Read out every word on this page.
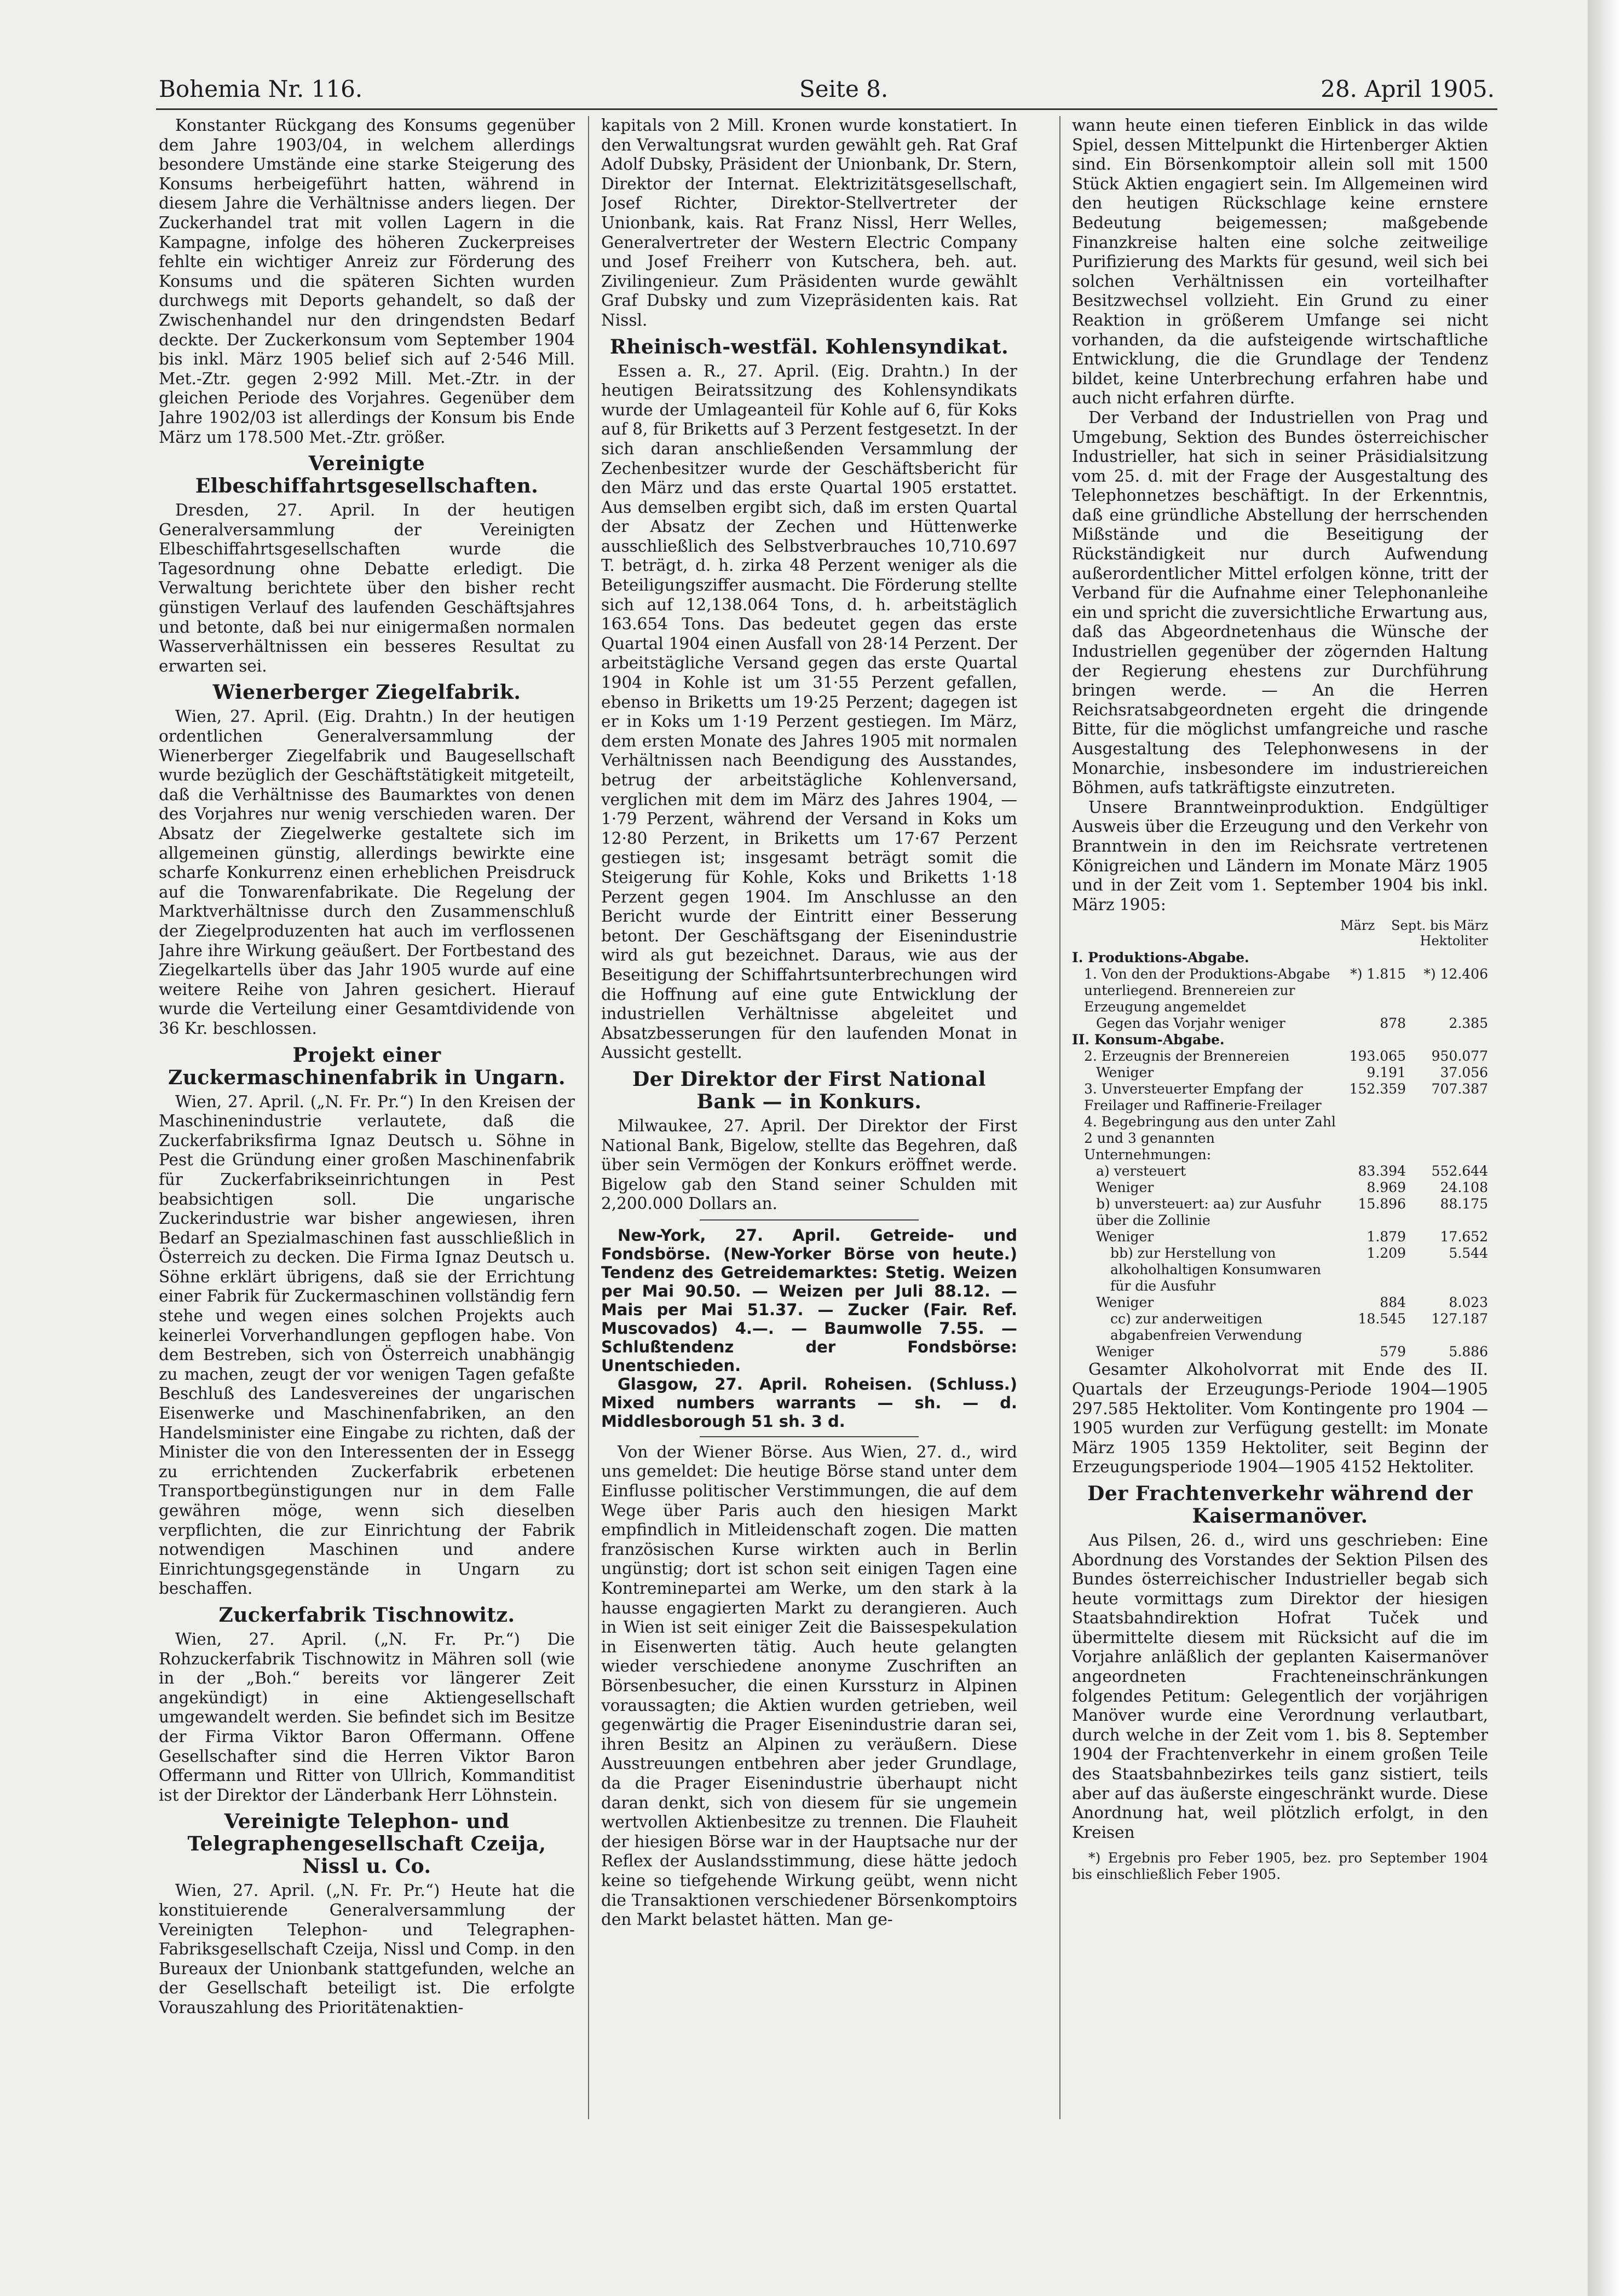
Bohemia Nr. 116.	Seite 8.	28. April 1905.

Konstanter Rückgang des Konsums gegenüber dem Jahre 1903/04, in welchem allerdings besondere Umstände eine starke Steigerung des Konsums herbeigeführt hatten, während in diesem Jahre die Verhältnisse anders liegen. Der Zuckerhandel trat mit vollen Lagern in die Kampagne, infolge des höheren Zuckerpreises fehlte ein wichtiger Anreiz zur Förderung des Konsums und die späteren Sichten wurden durchwegs mit Deports gehandelt, so daß der Zwischenhandel nur den dringendsten Bedarf deckte. Der Zuckerkonsum vom September 1904 bis inkl. März 1905 belief sich auf 2·546 Mill. Met.-Ztr. gegen 2·992 Mill. Met.-Ztr. in der gleichen Periode des Vorjahres. Gegenüber dem Jahre 1902/03 ist allerdings der Konsum bis Ende März um 178.500 Met.-Ztr. größer.

Vereinigte Elbeschiffahrtsgesellschaften.

Dresden, 27. April. In der heutigen Generalversammlung der Vereinigten Elbeschiffahrtsgesellschaften wurde die Tagesordnung ohne Debatte erledigt. Die Verwaltung berichtete über den bisher recht günstigen Verlauf des laufenden Geschäftsjahres und betonte, daß bei nur einigermaßen normalen Wasserverhältnissen ein besseres Resultat zu erwarten sei.

Wienerberger Ziegelfabrik.

Wien, 27. April. (Eig. Drahtn.) In der heutigen ordentlichen Generalversammlung der Wienerberger Ziegelfabrik und Baugesellschaft wurde bezüglich der Geschäftstätigkeit mitgeteilt, daß die Verhältnisse des Baumarktes von denen des Vorjahres nur wenig verschieden waren. Der Absatz der Ziegelwerke gestaltete sich im allgemeinen günstig, allerdings bewirkte eine scharfe Konkurrenz einen erheblichen Preisdruck auf die Tonwarenfabrikate. Die Regelung der Marktverhältnisse durch den Zusammenschluß der Ziegelproduzenten hat auch im verflossenen Jahre ihre Wirkung geäußert. Der Fortbestand des Ziegelkartells über das Jahr 1905 wurde auf eine weitere Reihe von Jahren gesichert. Hierauf wurde die Verteilung einer Gesamtdividende von 36 Kr. beschlossen.

Projekt einer Zuckermaschinenfabrik in Ungarn.

Wien, 27. April. („N. Fr. Pr.“) In den Kreisen der Maschinenindustrie verlautete, daß die Zuckerfabriksfirma Ignaz Deutsch u. Söhne in Pest die Gründung einer großen Maschinenfabrik für Zuckerfabrikseinrichtungen in Pest beabsichtigen soll. Die ungarische Zuckerindustrie war bisher angewiesen, ihren Bedarf an Spezialmaschinen fast ausschließlich in Österreich zu decken. Die Firma Ignaz Deutsch u. Söhne erklärt übrigens, daß sie der Errichtung einer Fabrik für Zuckermaschinen vollständig fern stehe und wegen eines solchen Projekts auch keinerlei Vorverhandlungen gepflogen habe. Von dem Bestreben, sich von Österreich unabhängig zu machen, zeugt der vor wenigen Tagen gefaßte Beschluß des Landesvereines der ungarischen Eisenwerke und Maschinenfabriken, an den Handelsminister eine Eingabe zu richten, daß der Minister die von den Interessenten der in Essegg zu errichtenden Zuckerfabrik erbetenen Transportbegünstigungen nur in dem Falle gewähren möge, wenn sich dieselben verpflichten, die zur Einrichtung der Fabrik notwendigen Maschinen und andere Einrichtungsgegenstände in Ungarn zu beschaffen.

Zuckerfabrik Tischnowitz.

Wien, 27. April. („N. Fr. Pr.“) Die Rohzuckerfabrik Tischnowitz in Mähren soll (wie in der „Boh.“ bereits vor längerer Zeit angekündigt) in eine Aktiengesellschaft umgewandelt werden. Sie befindet sich im Besitze der Firma Viktor Baron Offermann. Offene Gesellschafter sind die Herren Viktor Baron Offermann und Ritter von Ullrich, Kommanditist ist der Direktor der Länderbank Herr Löhnstein.

Vereinigte Telephon- und Telegraphengesellschaft Czeija, Nissl u. Co.

Wien, 27. April. („N. Fr. Pr.“) Heute hat die konstituierende Generalversammlung der Vereinigten Telephon- und Telegraphen-Fabriksgesellschaft Czeija, Nissl und Comp. in den Bureaux der Unionbank stattgefunden, welche an der Gesellschaft beteiligt ist. Die erfolgte Vorauszahlung des Prioritätenaktien-

kapitals von 2 Mill. Kronen wurde konstatiert. In den Verwaltungsrat wurden gewählt geh. Rat Graf Adolf Dubsky, Präsident der Unionbank, Dr. Stern, Direktor der Internat. Elektrizitätsgesellschaft, Josef Richter, Direktor-Stellvertreter der Unionbank, kais. Rat Franz Nissl, Herr Welles, Generalvertreter der Western Electric Company und Josef Freiherr von Kutschera, beh. aut. Zivilingenieur. Zum Präsidenten wurde gewählt Graf Dubsky und zum Vizepräsidenten kais. Rat Nissl.

Rheinisch-westfäl. Kohlensyndikat.

Essen a. R., 27. April. (Eig. Drahtn.) In der heutigen Beiratssitzung des Kohlensyndikats wurde der Umlageanteil für Kohle auf 6, für Koks auf 8, für Briketts auf 3 Perzent festgesetzt. In der sich daran anschließenden Versammlung der Zechenbesitzer wurde der Geschäftsbericht für den März und das erste Quartal 1905 erstattet. Aus demselben ergibt sich, daß im ersten Quartal der Absatz der Zechen und Hüttenwerke ausschließlich des Selbstverbrauches 10,710.697 T. beträgt, d. h. zirka 48 Perzent weniger als die Beteiligungsziffer ausmacht. Die Förderung stellte sich auf 12,138.064 Tons, d. h. arbeitstäglich 163.654 Tons. Das bedeutet gegen das erste Quartal 1904 einen Ausfall von 28·14 Perzent. Der arbeitstägliche Versand gegen das erste Quartal 1904 in Kohle ist um 31·55 Perzent gefallen, ebenso in Briketts um 19·25 Perzent; dagegen ist er in Koks um 1·19 Perzent gestiegen. Im März, dem ersten Monate des Jahres 1905 mit normalen Verhältnissen nach Beendigung des Ausstandes, betrug der arbeitstägliche Kohlenversand, verglichen mit dem im März des Jahres 1904, — 1·79 Perzent, während der Versand in Koks um 12·80 Perzent, in Briketts um 17·67 Perzent gestiegen ist; insgesamt beträgt somit die Steigerung für Kohle, Koks und Briketts 1·18 Perzent gegen 1904. Im Anschlusse an den Bericht wurde der Eintritt einer Besserung betont. Der Geschäftsgang der Eisenindustrie wird als gut bezeichnet. Daraus, wie aus der Beseitigung der Schiffahrtsunterbrechungen wird die Hoffnung auf eine gute Entwicklung der industriellen Verhältnisse abgeleitet und Absatzbesserungen für den laufenden Monat in Aussicht gestellt.

Der Direktor der First National Bank — in Konkurs.

Milwaukee, 27. April. Der Direktor der First National Bank, Bigelow, stellte das Begehren, daß über sein Vermögen der Konkurs eröffnet werde. Bigelow gab den Stand seiner Schulden mit 2,200.000 Dollars an.

New-York, 27. April. Getreide- und Fondsbörse. (New-Yorker Börse von heute.) Tendenz des Getreidemarktes: Stetig. Weizen per Mai 90.50. — Weizen per Juli 88.12. — Mais per Mai 51.37. — Zucker (Fair. Ref. Muscovados) 4.—. — Baumwolle 7.55. — Schlußtendenz der Fondsbörse: Unentschieden.

Glasgow, 27. April. Roheisen. (Schluss.) Mixed numbers warrants — sh. — d. Middlesborough 51 sh. 3 d.

Von der Wiener Börse. Aus Wien, 27. d., wird uns gemeldet: Die heutige Börse stand unter dem Einflusse politischer Verstimmungen, die auf dem Wege über Paris auch den hiesigen Markt empfindlich in Mitleidenschaft zogen. Die matten französischen Kurse wirkten auch in Berlin ungünstig; dort ist schon seit einigen Tagen eine Kontremineparteі am Werke, um den stark à la hausse engagierten Markt zu derangieren. Auch in Wien ist seit einiger Zeit die Baissespekulation in Eisenwerten tätig. Auch heute gelangten wieder verschiedene anonyme Zuschriften an Börsenbesucher, die einen Kurssturz in Alpinen voraussagten; die Aktien wurden getrieben, weil gegenwärtig die Prager Eisenindustrie daran sei, ihren Besitz an Alpinen zu veräußern. Diese Ausstreuungen entbehren aber jeder Grundlage, da die Prager Eisenindustrie überhaupt nicht daran denkt, sich von diesem für sie ungemein wertvollen Aktienbesitze zu trennen. Die Flauheit der hiesigen Börse war in der Hauptsache nur der Reflex der Auslandsstimmung, diese hätte jedoch keine so tiefgehende Wirkung geübt, wenn nicht die Transaktionen verschiedener Börsenkomptoirs den Markt belastet hätten. Man ge-

wann heute einen tieferen Einblick in das wilde Spiel, dessen Mittelpunkt die Hirtenberger Aktien sind. Ein Börsenkomptoir allein soll mit 1500 Stück Aktien engagiert sein. Im Allgemeinen wird den heutigen Rückschlage keine ernstere Bedeutung beigemessen; maßgebende Finanzkreise halten eine solche zeitweilige Purifizierung des Markts für gesund, weil sich bei solchen Verhältnissen ein vorteilhafter Besitzwechsel vollzieht. Ein Grund zu einer Reaktion in größerem Umfange sei nicht vorhanden, da die aufsteigende wirtschaftliche Entwicklung, die die Grundlage der Tendenz bildet, keine Unterbrechung erfahren habe und auch nicht erfahren dürfte.

Der Verband der Industriellen von Prag und Umgebung, Sektion des Bundes österreichischer Industrieller, hat sich in seiner Präsidialsitzung vom 25. d. mit der Frage der Ausgestaltung des Telephonnetzes beschäftigt. In der Erkenntnis, daß eine gründliche Abstellung der herrschenden Mißstände und die Beseitigung der Rückständigkeit nur durch Aufwendung außerordentlicher Mittel erfolgen könne, tritt der Verband für die Aufnahme einer Telephonanleihe ein und spricht die zuversichtliche Erwartung aus, daß das Abgeordnetenhaus die Wünsche der Industriellen gegenüber der zögernden Haltung der Regierung ehestens zur Durchführung bringen werde. — An die Herren Reichsratsabgeordneten ergeht die dringende Bitte, für die möglichst umfangreiche und rasche Ausgestaltung des Telephonwesens in der Monarchie, insbesondere im industriereichen Böhmen, aufs tatkräftigste einzutreten.

Unsere Branntweinproduktion. Endgültiger Ausweis über die Erzeugung und den Verkehr von Branntwein in den im Reichsrate vertretenen Königreichen und Ländern im Monate März 1905 und in der Zeit vom 1. September 1904 bis inkl. März 1905:

März Sept. bis März
Hektoliter
I. Produktions-Abgabe.		
1. Von den der Produktions-Abgabe unterliegend. Brennereien zur Erzeugung angemeldet	*) 1.815	*) 12.406
Gegen das Vorjahr weniger	878	2.385
II. Konsum-Abgabe.		
2. Erzeugnis der Brennereien	193.065	950.077
Weniger	9.191	37.056
3. Unversteuerter Empfang der Freilager und Raffinerie-Freilager	152.359	707.387
4. Begebringung aus den unter Zahl 2 und 3 genannten Unternehmungen:		
a) versteuert	83.394	552.644
Weniger	8.969	24.108
b) unversteuert: aa) zur Ausfuhr über die Zollinie	15.896	88.175
Weniger	1.879	17.652
bb) zur Herstellung von alkoholhaltigen Konsumwaren für die Ausfuhr	1.209	5.544
Weniger	884	8.023
cc) zur anderweitigen abgabenfreien Verwendung	18.545	127.187
Weniger	579	5.886

Gesamter Alkoholvorrat mit Ende des II. Quartals der Erzeugungs-Periode 1904—1905 297.585 Hektoliter. Vom Kontingente pro 1904 —1905 wurden zur Verfügung gestellt: im Monate März 1905 1359 Hektoliter, seit Beginn der Erzeugungsperiode 1904—1905 4152 Hektoliter.

Der Frachtenverkehr während der Kaisermanöver.

Aus Pilsen, 26. d., wird uns geschrieben: Eine Abordnung des Vorstandes der Sektion Pilsen des Bundes österreichischer Industrieller begab sich heute vormittags zum Direktor der hiesigen Staatsbahndirektion Hofrat Tuček und übermittelte diesem mit Rücksicht auf die im Vorjahre anläßlich der geplanten Kaisermanöver angeordneten Frachteneinschränkungen folgendes Petitum: Gelegentlich der vorjährigen Manöver wurde eine Verordnung verlautbart, durch welche in der Zeit vom 1. bis 8. September 1904 der Frachtenverkehr in einem großen Teile des Staatsbahnbezirkes teils ganz sistiert, teils aber auf das äußerste eingeschränkt wurde. Diese Anordnung hat, weil plötzlich erfolgt, in den Kreisen

*) Ergebnis pro Feber 1905, bez. pro September 1904 bis einschließlich Feber 1905.
